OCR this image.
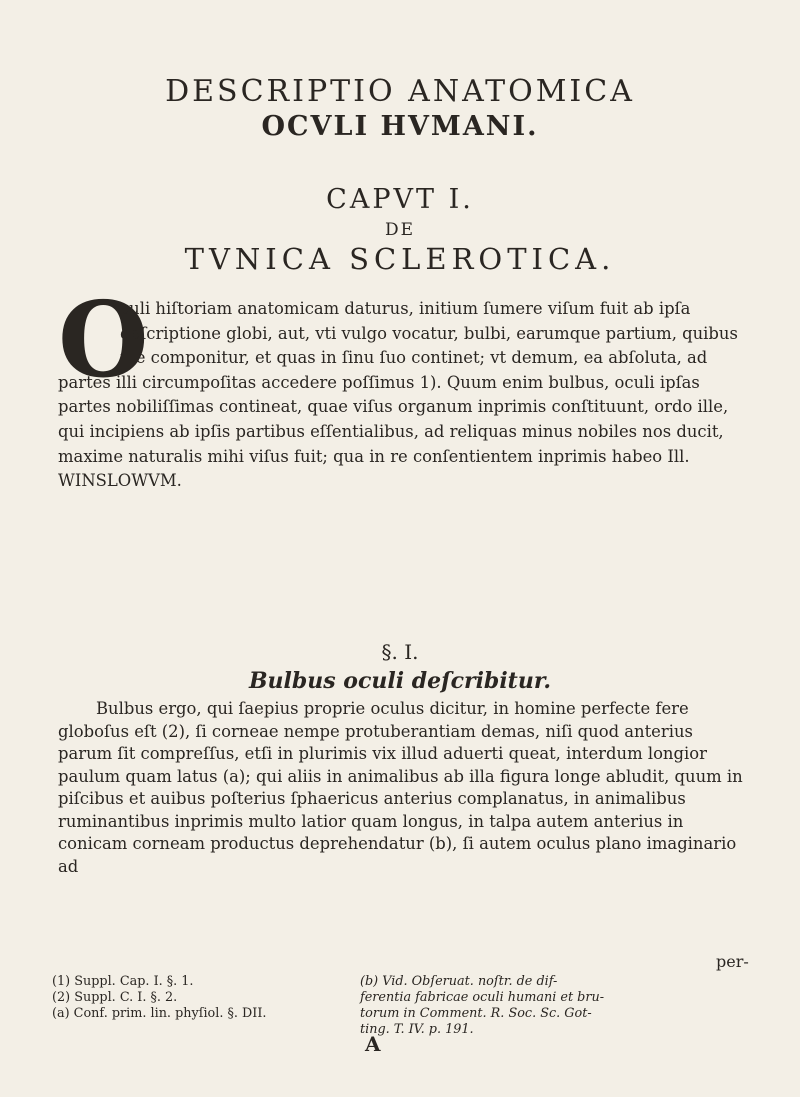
DESCRIPTIO ANATOMICA
OCVLI HVMANI.
CAPVT I.
DE
TVNICA SCLEROTICA.
O

culi hiſtoriam anatomicam daturus, initium ſumere viſum fuit ab ipſa deſcriptione globi, aut, vti vulgo vocatur, bulbi, earumque partium, quibus ille componitur, et quas in ſinu ſuo continet; vt demum, ea abſoluta, ad partes illi circumpoſitas accedere poſſimus 1). Quum enim bulbus, oculi ipſas partes nobiliſſimas contineat, quae viſus organum inprimis conſtituunt, ordo ille, qui incipiens ab ipſis partibus eſſentialibus, ad reliquas minus nobiles nos ducit, maxime naturalis mihi viſus fuit; qua in re conſentientem inprimis habeo Ill. WINSLOWVM.

§. I.
Bulbus oculi deſcribitur.

Bulbus ergo, qui ſaepius proprie oculus dicitur, in homine perfecte fere globoſus eſt (2), ſi corneae nempe protuberantiam demas, niſi quod anterius parum ſit compreſſus, etſi in plurimis vix illud aduerti queat, interdum longior paulum quam latus (a); qui aliis in animalibus ab illa figura longe abludit, quum in piſcibus et auibus poſterius ſphaericus anterius complanatus, in animalibus ruminantibus inprimis multo latior quam longus, in talpa autem anterius in conicam corneam productus deprehendatur (b), ſi autem oculus plano imaginario ad

per-
(1) Suppl. Cap. I. §. 1.
(2) Suppl. C. I. §. 2.
(a) Conf. prim. lin. phyſiol. §. DII.
(b) Vid. Obſeruat. noſtr. de dif-
ferentia fabricae oculi humani et bru-
torum in Comment. R. Soc. Sc. Got-
ting. T. IV. p. 191.
A
